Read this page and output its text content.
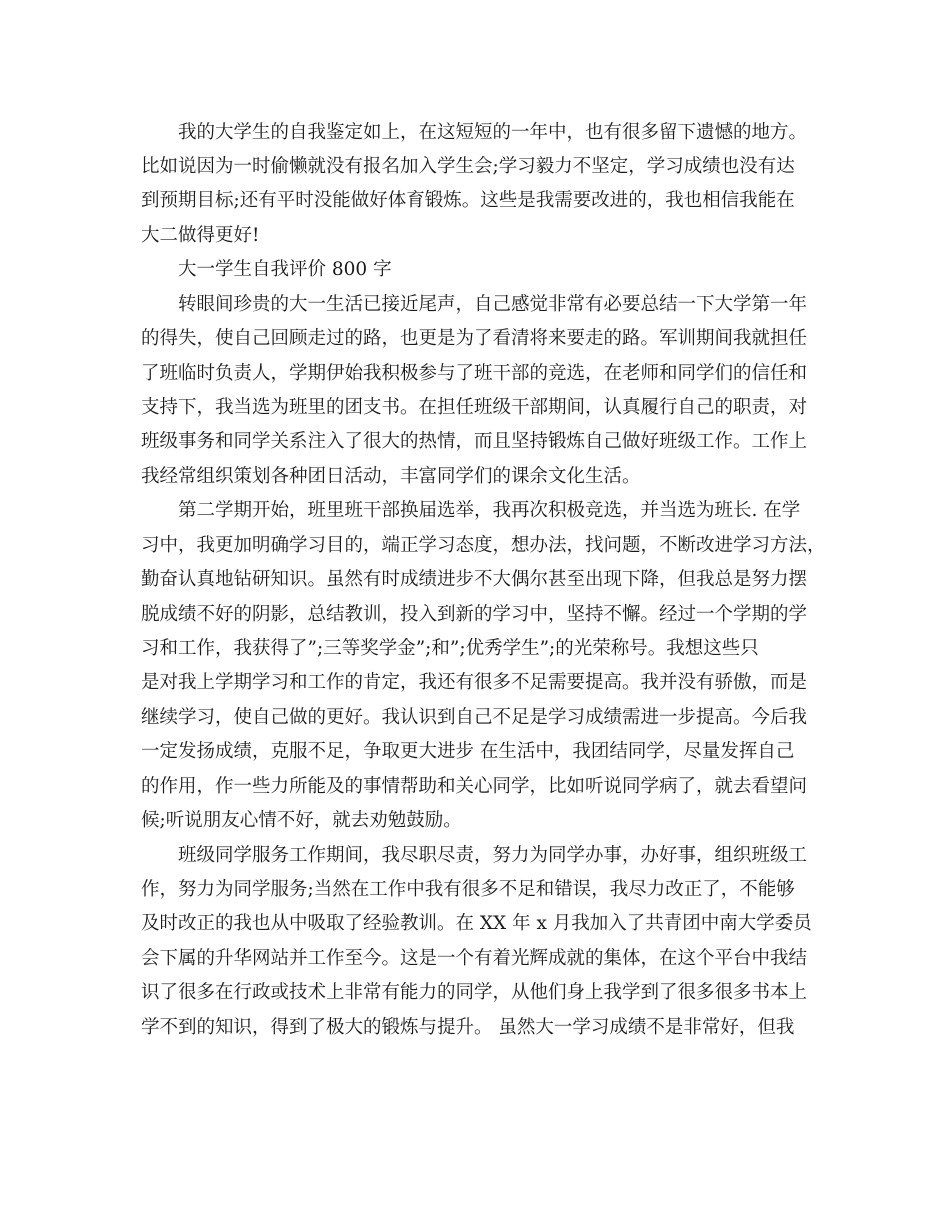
　　我的大学生的自我鉴定如上，在这短短的一年中，也有很多留下遗憾的地方。

比如说因为一时偷懒就没有报名加入学生会;学习毅力不坚定，学习成绩也没有达

到预期目标;还有平时没能做好体育锻炼。这些是我需要改进的，我也相信我能在

大二做得更好!

　　大一学生自我评价 800 字

　　转眼间珍贵的大一生活已接近尾声，自己感觉非常有必要总结一下大学第一年

的得失，使自己回顾走过的路，也更是为了看清将来要走的路。军训期间我就担任

了班临时负责人，学期伊始我积极参与了班干部的竞选，在老师和同学们的信任和

支持下，我当选为班里的团支书。在担任班级干部期间，认真履行自己的职责，对

班级事务和同学关系注入了很大的热情，而且坚持锻炼自己做好班级工作。工作上

我经常组织策划各种团日活动，丰富同学们的课余文化生活。

　　第二学期开始，班里班干部换届选举，我再次积极竞选，并当选为班长. 在学

习中，我更加明确学习目的，端正学习态度，想办法，找问题，不断改进学习方法，

勤奋认真地钻研知识。虽然有时成绩进步不大偶尔甚至出现下降，但我总是努力摆

脱成绩不好的阴影，总结教训，投入到新的学习中，坚持不懈。经过一个学期的学

习和工作，我获得了”;三等奖学金”;和”;优秀学生”;的光荣称号。我想这些只

是对我上学期学习和工作的肯定，我还有很多不足需要提高。我并没有骄傲，而是

继续学习，使自己做的更好。我认识到自己不足是学习成绩需进一步提高。今后我

一定发扬成绩，克服不足，争取更大进步 在生活中，我团结同学，尽量发挥自己

的作用，作一些力所能及的事情帮助和关心同学，比如听说同学病了，就去看望问

候;听说朋友心情不好，就去劝勉鼓励。

　　班级同学服务工作期间，我尽职尽责，努力为同学办事，办好事，组织班级工

作，努力为同学服务;当然在工作中我有很多不足和错误，我尽力改正了，不能够

及时改正的我也从中吸取了经验教训。在 XX 年 x 月我加入了共青团中南大学委员

会下属的升华网站并工作至今。这是一个有着光辉成就的集体，在这个平台中我结

识了很多在行政或技术上非常有能力的同学，从他们身上我学到了很多很多书本上

学不到的知识，得到了极大的锻炼与提升。 虽然大一学习成绩不是非常好，但我
